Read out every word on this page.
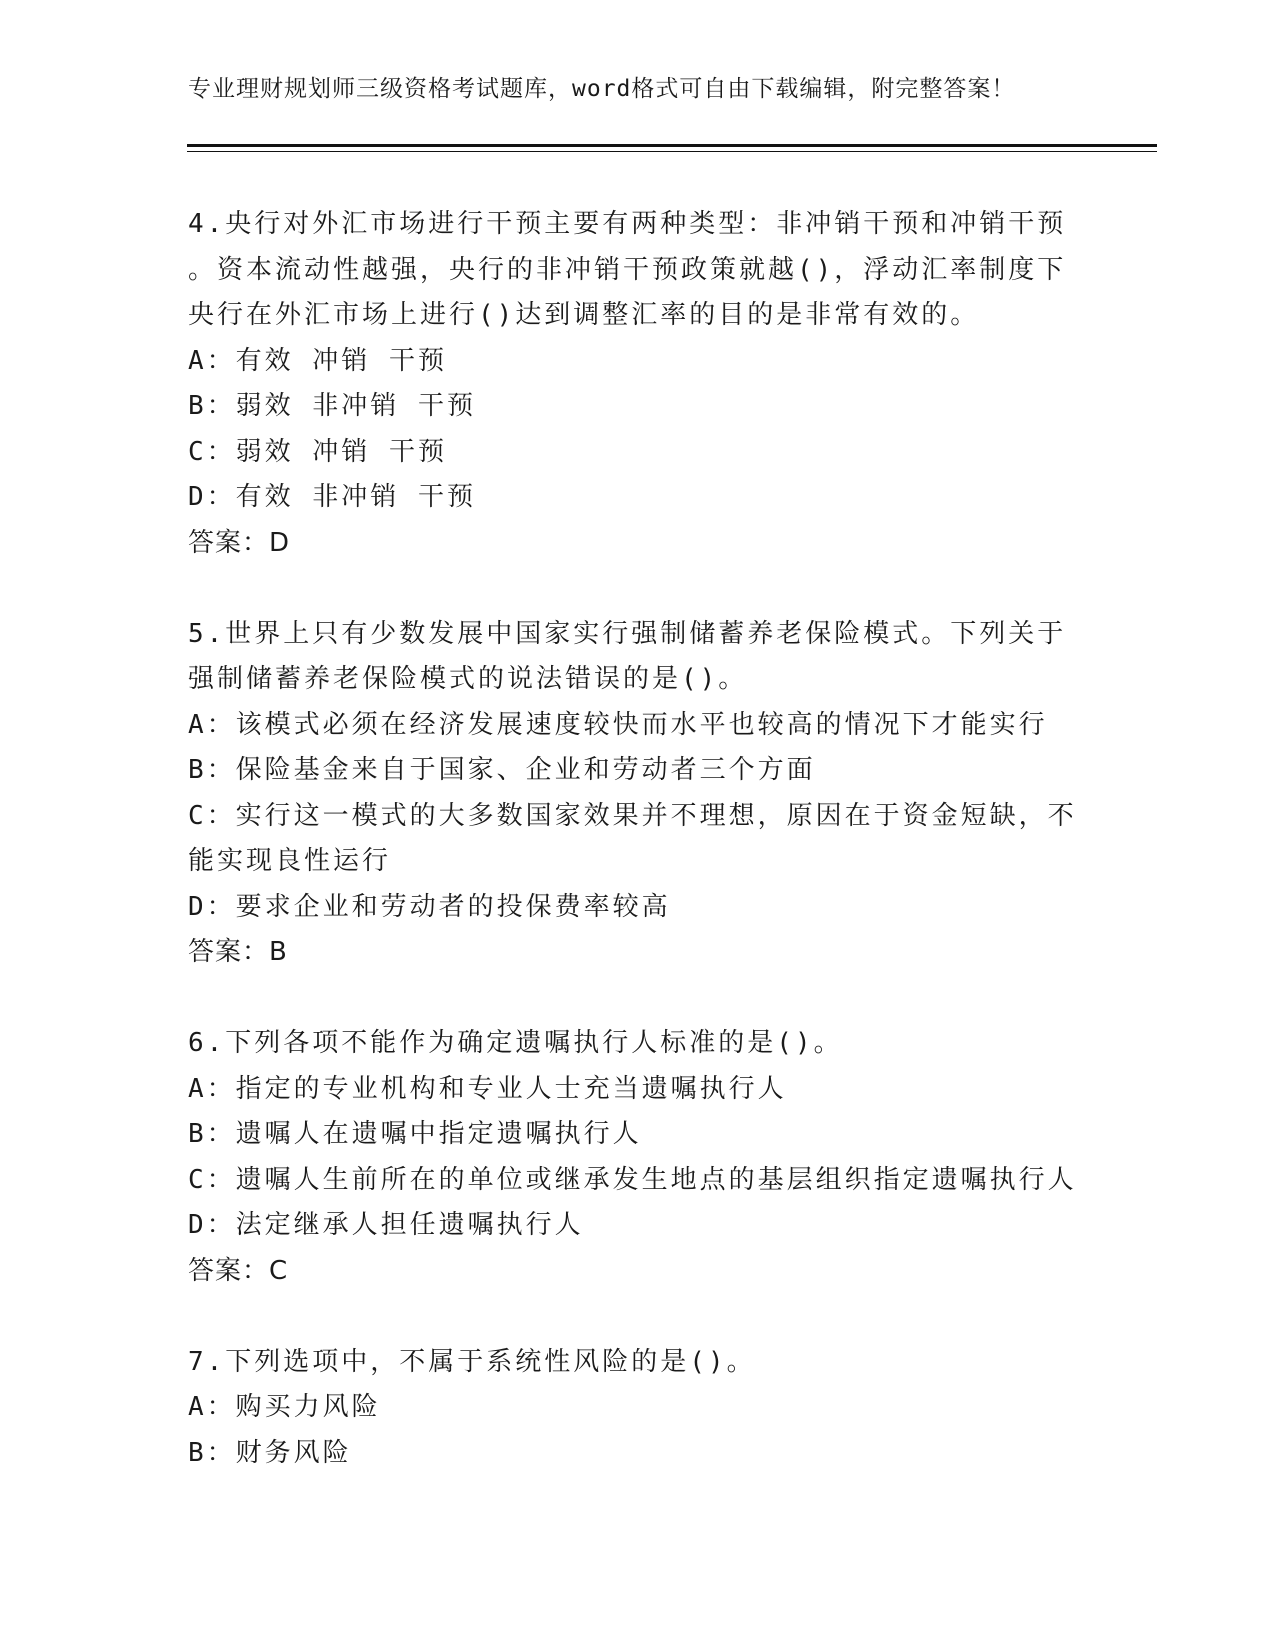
专业理财规划师三级资格考试题库，word格式可自由下载编辑，附完整答案！
4.央行对外汇市场进行干预主要有两种类型：非冲销干预和冲销干预
。资本流动性越强，央行的非冲销干预政策就越()，浮动汇率制度下
央行在外汇市场上进行()达到调整汇率的目的是非常有效的。
A：有效 冲销 干预
B：弱效 非冲销 干预
C：弱效 冲销 干预
D：有效 非冲销 干预
答案：D
5.世界上只有少数发展中国家实行强制储蓄养老保险模式。下列关于
强制储蓄养老保险模式的说法错误的是()。
A：该模式必须在经济发展速度较快而水平也较高的情况下才能实行
B：保险基金来自于国家、企业和劳动者三个方面
C：实行这一模式的大多数国家效果并不理想，原因在于资金短缺，不
能实现良性运行
D：要求企业和劳动者的投保费率较高
答案：B
6.下列各项不能作为确定遗嘱执行人标准的是()。
A：指定的专业机构和专业人士充当遗嘱执行人
B：遗嘱人在遗嘱中指定遗嘱执行人
C：遗嘱人生前所在的单位或继承发生地点的基层组织指定遗嘱执行人
D：法定继承人担任遗嘱执行人
答案：C
7.下列选项中，不属于系统性风险的是()。
A：购买力风险
B：财务风险
